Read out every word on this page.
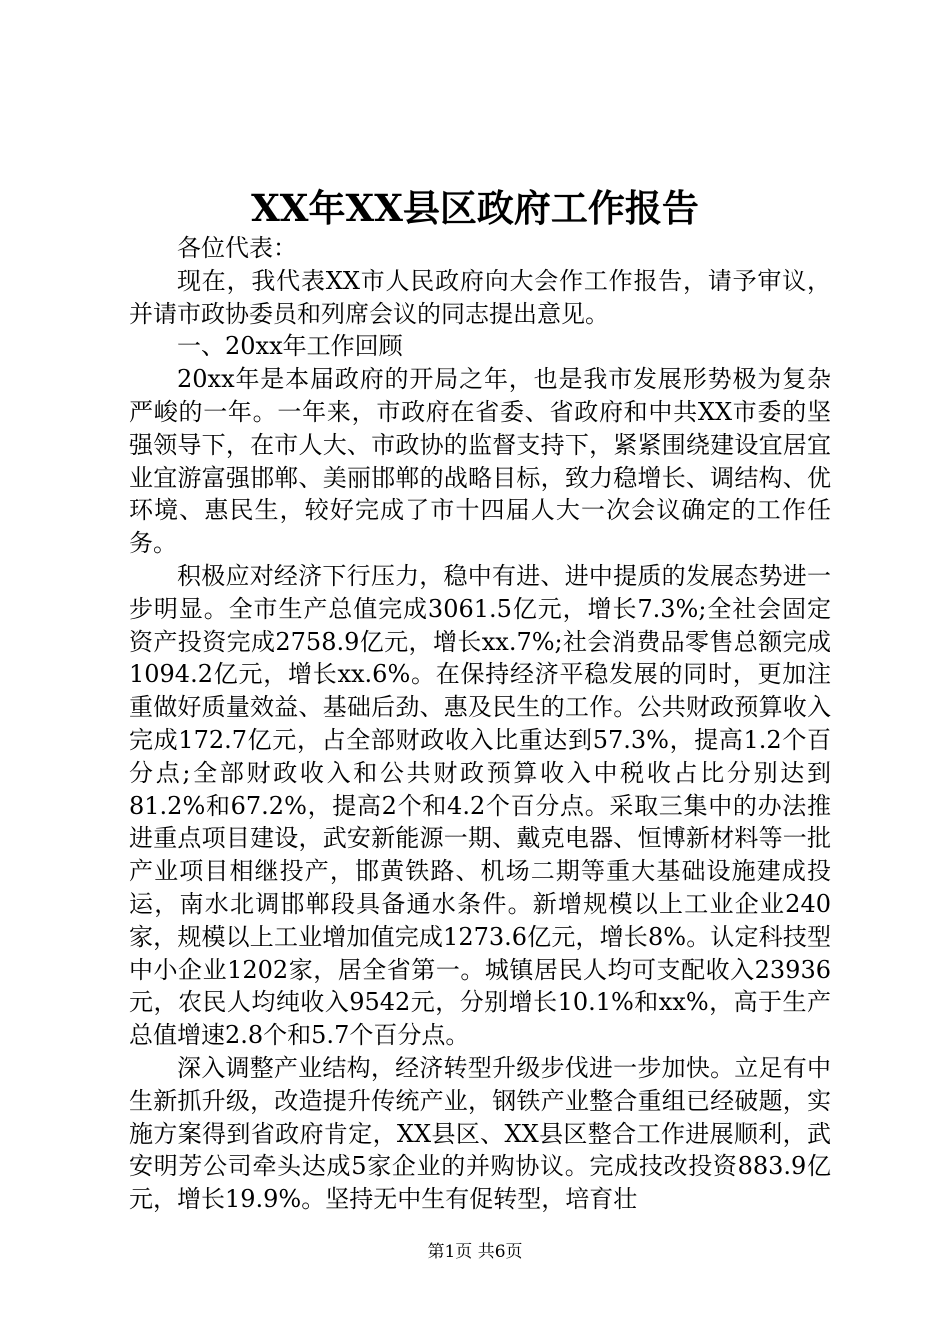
XX年XX县区政府工作报告

各位代表：

现在，我代表XX市人民政府向大会作工作报告，请予审议，并请市政协委员和列席会议的同志提出意见。

一、20xx年工作回顾

20xx年是本届政府的开局之年，也是我市发展形势极为复杂严峻的一年。一年来，市政府在省委、省政府和中共XX市委的坚强领导下，在市人大、市政协的监督支持下，紧紧围绕建设宜居宜业宜游富强邯郸、美丽邯郸的战略目标，致力稳增长、调结构、优环境、惠民生，较好完成了市十四届人大一次会议确定的工作任务。

积极应对经济下行压力，稳中有进、进中提质的发展态势进一步明显。全市生产总值完成3061.5亿元，增长7.3%;全社会固定资产投资完成2758.9亿元，增长xx.7%;社会消费品零售总额完成1094.2亿元，增长xx.6%。在保持经济平稳发展的同时，更加注重做好质量效益、基础后劲、惠及民生的工作。公共财政预算收入完成172.7亿元，占全部财政收入比重达到57.3%，提高1.2个百分点;全部财政收入和公共财政预算收入中税收占比分别达到81.2%和67.2%，提高2个和4.2个百分点。采取三集中的办法推进重点项目建设，武安新能源一期、戴克电器、恒博新材料等一批产业项目相继投产，邯黄铁路、机场二期等重大基础设施建成投运，南水北调邯郸段具备通水条件。新增规模以上工业企业240家，规模以上工业增加值完成1273.6亿元，增长8%。认定科技型中小企业1202家，居全省第一。城镇居民人均可支配收入23936元，农民人均纯收入9542元，分别增长10.1%和xx%，高于生产总值增速2.8个和5.7个百分点。

深入调整产业结构，经济转型升级步伐进一步加快。立足有中生新抓升级，改造提升传统产业，钢铁产业整合重组已经破题，实施方案得到省政府肯定，XX县区、XX县区整合工作进展顺利，武安明芳公司牵头达成5家企业的并购协议。完成技改投资883.9亿元，增长19.9%。坚持无中生有促转型，培育壮

第1页 共6页
